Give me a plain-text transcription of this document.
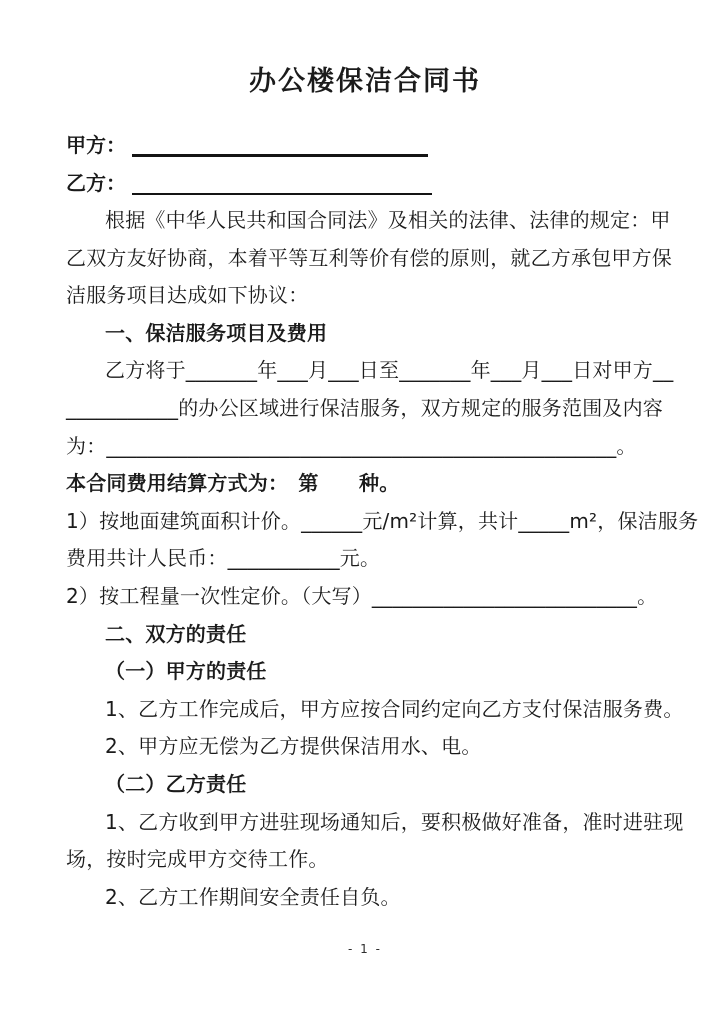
办公楼保洁合同书
甲方：
乙方：
根据《中华人民共和国合同法》及相关的法律、法律的规定：甲
乙双方友好协商，本着平等互利等价有偿的原则，就乙方承包甲方保
洁服务项目达成如下协议：
一、保洁服务项目及费用
乙方将于_______年___月___日至_______年___月___日对甲方__
___________的办公区域进行保洁服务，双方规定的服务范围及内容
为：__________________________________________________。
本合同费用结算方式为：　第　　种。
1）按地面建筑面积计价。______元/m²计算，共计_____m²，保洁服务
费用共计人民币：___________元。
2）按工程量一次性定价。（大写）__________________________。
二、双方的责任
（一）甲方的责任
1、乙方工作完成后，甲方应按合同约定向乙方支付保洁服务费。
2、甲方应无偿为乙方提供保洁用水、电。
（二）乙方责任
1、乙方收到甲方进驻现场通知后，要积极做好准备，准时进驻现
场，按时完成甲方交待工作。
2、乙方工作期间安全责任自负。
- 1 -
